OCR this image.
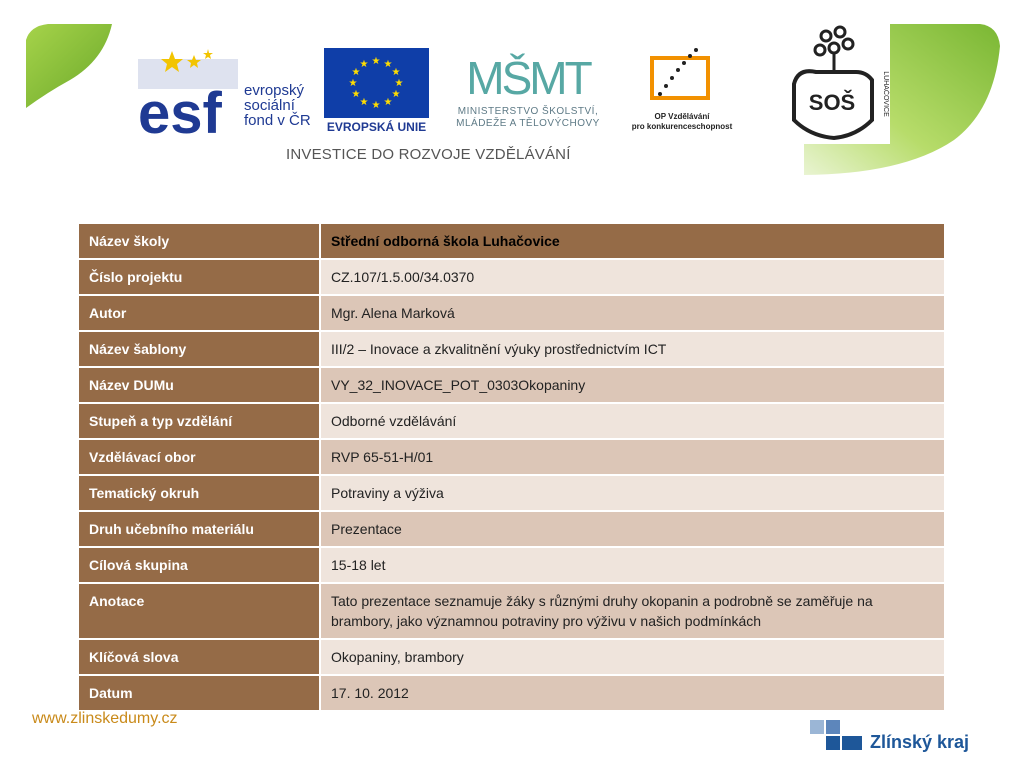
esf evropský
sociální
fond v ČR
★ ★
★
★
★
★
★
★
★
★
★
★
EVROPSKÁ UNIE
MŠMT
MINISTERSTVO ŠKOLSTVÍ,
MLÁDEŽE A TĚLOVÝCHOVY
OP Vzdělávání
pro konkurenceschopnost
INVESTICE DO ROZVOJE VZDĚLÁVÁNÍ
SOŠ	LUHAČOVICE
Název školy	Střední odborná škola Luhačovice
Číslo projektu	CZ.107/1.5.00/34.0370
Autor	Mgr. Alena Marková
Název šablony	III/2 – Inovace a zkvalitnění výuky prostřednictvím ICT
Název DUMu	VY_32_INOVACE_POT_0303Okopaniny
Stupeň a typ vzdělání	Odborné vzdělávání
Vzdělávací obor	RVP 65-51-H/01
Tematický okruh	Potraviny a výživa
Druh učebního materiálu	Prezentace
Cílová skupina	15-18 let
Anotace	Tato prezentace seznamuje žáky s různými druhy okopanin a podrobně se zaměřuje na brambory, jako významnou potraviny pro výživu v našich podmínkách
Klíčová slova	Okopaniny, brambory
Datum	17. 10. 2012
www.zlinskedumy.cz
Zlínský kraj
